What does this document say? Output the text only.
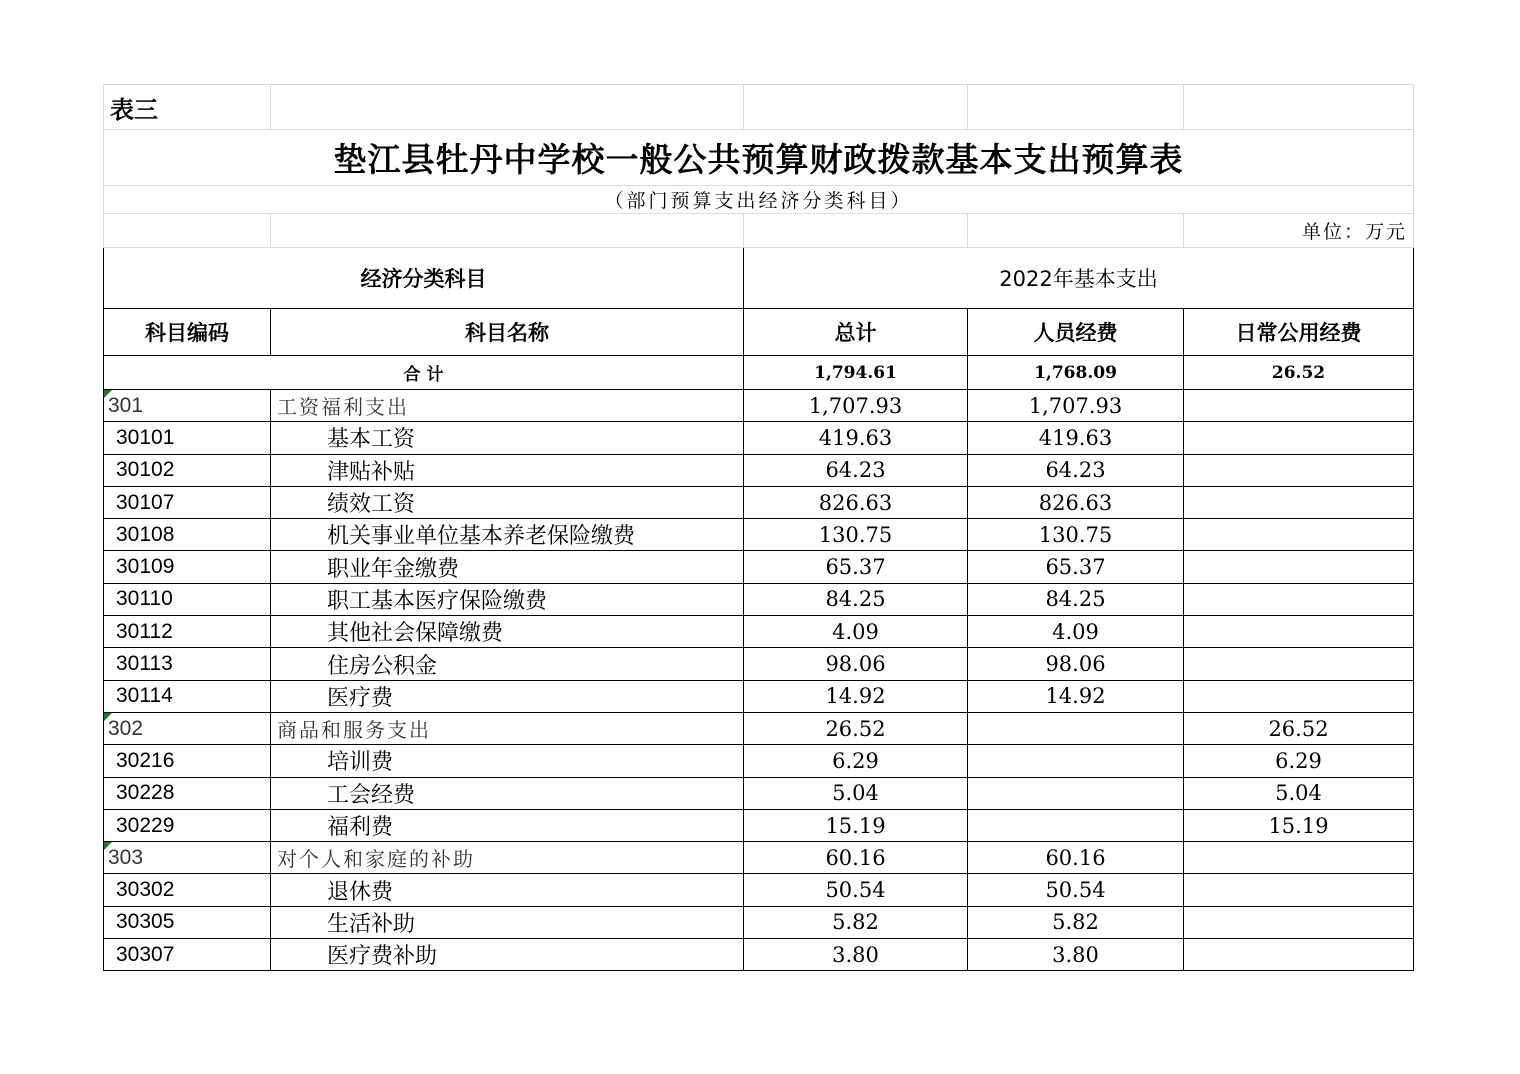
表三				
垫江县牡丹中学校一般公共预算财政拨款基本支出预算表				
（部门预算支出经济分类科目）				
				单位：万元
经济分类科目		2022年基本支出		
科目编码	科目名称	总计	人员经费	日常公用经费
合 计		1,794.61	1,768.09	26.52
301	工资福利支出	1,707.93	1,707.93	
30101	基本工资	419.63	419.63	
30102	津贴补贴	64.23	64.23	
30107	绩效工资	826.63	826.63	
30108	机关事业单位基本养老保险缴费	130.75	130.75	
30109	职业年金缴费	65.37	65.37	
30110	职工基本医疗保险缴费	84.25	84.25	
30112	其他社会保障缴费	4.09	4.09	
30113	住房公积金	98.06	98.06	
30114	医疗费	14.92	14.92	
302	商品和服务支出	26.52		26.52
30216	培训费	6.29		6.29
30228	工会经费	5.04		5.04
30229	福利费	15.19		15.19
303	对个人和家庭的补助	60.16	60.16	
30302	退休费	50.54	50.54	
30305	生活补助	5.82	5.82	
30307	医疗费补助	3.80	3.80	
